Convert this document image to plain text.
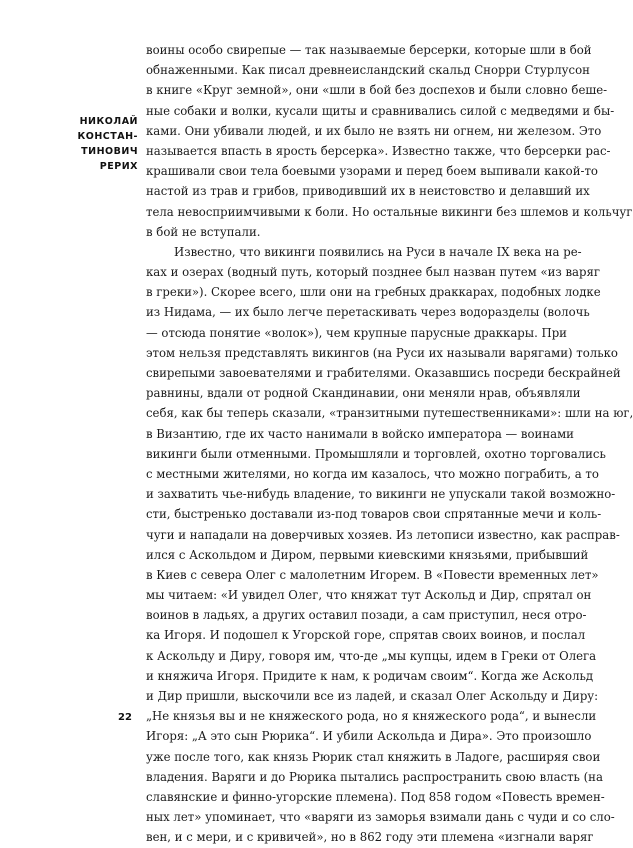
НИКОЛАЙ
КОНСТАН-
ТИНОВИЧ
РЕРИХ
воины особо свирепые — так называемые берсерки, которые шли в бой
обнаженными. Как писал древнеисландский скальд Снорри Стурлусон
в книге «Круг земной», они «шли в бой без доспехов и были словно беше-
ные собаки и волки, кусали щиты и сравнивались силой с медведями и бы-
ками. Они убивали людей, и их было не взять ни огнем, ни железом. Это
называется впасть в ярость берсерка». Известно также, что берсерки рас-
крашивали свои тела боевыми узорами и перед боем выпивали какой-то
настой из трав и грибов, приводивший их в неистовство и делавший их
тела невосприимчивыми к боли. Но остальные викинги без шлемов и кольчуг
в бой не вступали.
Известно, что викинги появились на Руси в начале IX века на ре-
ках и озерах (водный путь, который позднее был назван путем «из варяг
в греки»). Скорее всего, шли они на гребных драккарах, подобных лодке
из Нидама, — их было легче перетаскивать через водоразделы (волочь
— отсюда понятие «волок»), чем крупные парусные драккары. При
этом нельзя представлять викингов (на Руси их называли варягами) только
свирепыми завоевателями и грабителями. Оказавшись посреди бескрайней
равнины, вдали от родной Скандинавии, они меняли нрав, объявляли
себя, как бы теперь сказали, «транзитными путешественниками»: шли на юг,
в Византию, где их часто нанимали в войско императора — воинами
викинги были отменными. Промышляли и торговлей, охотно торговались
с местными жителями, но когда им казалось, что можно пограбить, а то
и захватить чье-нибудь владение, то викинги не упускали такой возможно-
сти, быстренько доставали из-под товаров свои спрятанные мечи и коль-
чуги и нападали на доверчивых хозяев. Из летописи известно, как расправ-
ился с Аскольдом и Диром, первыми киевскими князьями, прибывший
в Киев с севера Олег с малолетним Игорем. В «Повести временных лет»
мы читаем: «И увидел Олег, что княжат тут Аскольд и Дир, спрятал он
воинов в ладьях, а других оставил позади, а сам приступил, неся отро-
ка Игоря. И подошел к Угорской горе, спрятав своих воинов, и послал
к Аскольду и Диру, говоря им, что-де „мы купцы, идем в Греки от Олега
и княжича Игоря. Придите к нам, к родичам своим“. Когда же Аскольд
и Дир пришли, выскочили все из ладей, и сказал Олег Аскольду и Диру:
„Не князья вы и не княжеского рода, но я княжеского рода“, и вынесли
Игоря: „А это сын Рюрика“. И убили Аскольда и Дира». Это произошло
уже после того, как князь Рюрик стал княжить в Ладоге, расширяя свои
владения. Варяги и до Рюрика пытались распространить свою власть (на
славянские и финно-угорские племена). Под 858 годом «Повесть времен-
ных лет» упоминает, что «варяги из заморья взимали дань с чуди и со сло-
вен, и с мери, и с кривичей», но в 862 году эти племена «изгнали варяг
22
